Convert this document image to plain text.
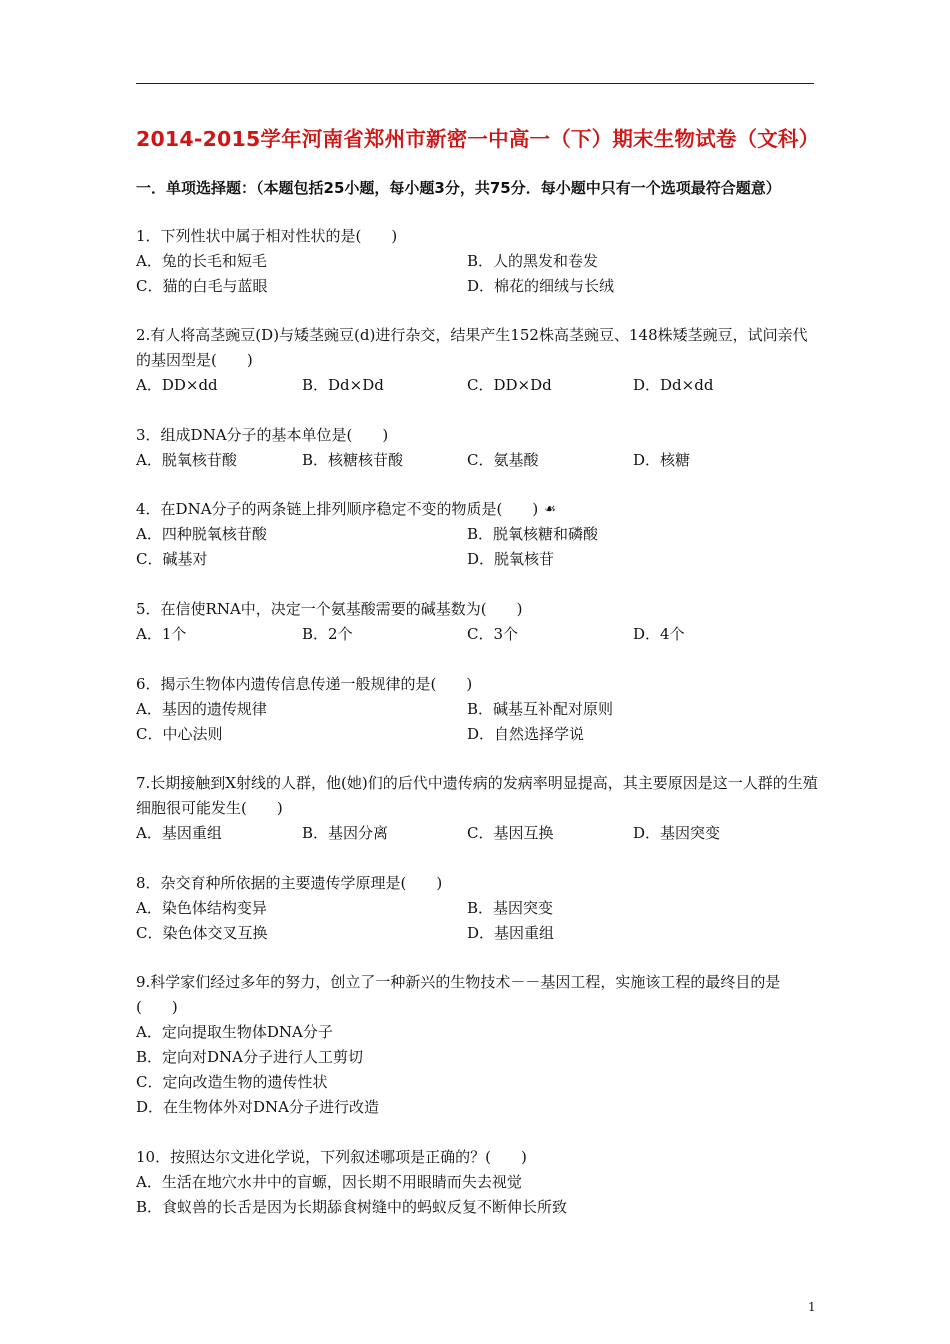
2014-2015学年河南省郑州市新密一中高一（下）期末生物试卷（文科）
一．单项选择题：（本题包括25小题，每小题3分，共75分．每小题中只有一个选项最符合题意）
1．下列性状中属于相对性状的是(　　)
A．兔的长毛和短毛	B．人的黑发和卷发
C．猫的白毛与蓝眼	D．棉花的细绒与长绒
2.有人将高茎豌豆(D)与矮茎豌豆(d)进行杂交，结果产生152株高茎豌豆、148株矮茎豌豆，试问亲代的基因型是(　　)
A．DD×dd	B．Dd×Dd	C．DD×Dd	D．Dd×dd
3．组成DNA分子的基本单位是(　　)
A．脱氧核苷酸	B．核糖核苷酸	C．氨基酸	D．核糖
4．在DNA分子的两条链上排列顺序稳定不变的物质是(　　) ☙
A．四种脱氧核苷酸	B．脱氧核糖和磷酸
C．碱基对	D．脱氧核苷
5．在信使RNA中，决定一个氨基酸需要的碱基数为(　　)
A．1个	B．2个	C．3个	D．4个
6．揭示生物体内遗传信息传递一般规律的是(　　)
A．基因的遗传规律	B．碱基互补配对原则
C．中心法则	D．自然选择学说
7.长期接触到X射线的人群，他(她)们的后代中遗传病的发病率明显提高，其主要原因是这一人群的生殖细胞很可能发生(　　)
A．基因重组	B．基因分离	C．基因互换	D．基因突变
8．杂交育种所依据的主要遗传学原理是(　　)
A．染色体结构变异	B．基因突变
C．染色体交叉互换	D．基因重组
9.科学家们经过多年的努力，创立了一种新兴的生物技术－－基因工程，实施该工程的最终目的是(　　)
A．定向提取生物体DNA分子
B．定向对DNA分子进行人工剪切
C．定向改造生物的遗传性状
D．在生物体外对DNA分子进行改造
10．按照达尔文进化学说，下列叙述哪项是正确的？(　　)
A．生活在地穴水井中的盲螈，因长期不用眼睛而失去视觉
B．食蚁兽的长舌是因为长期舔食树缝中的蚂蚁反复不断伸长所致
1
